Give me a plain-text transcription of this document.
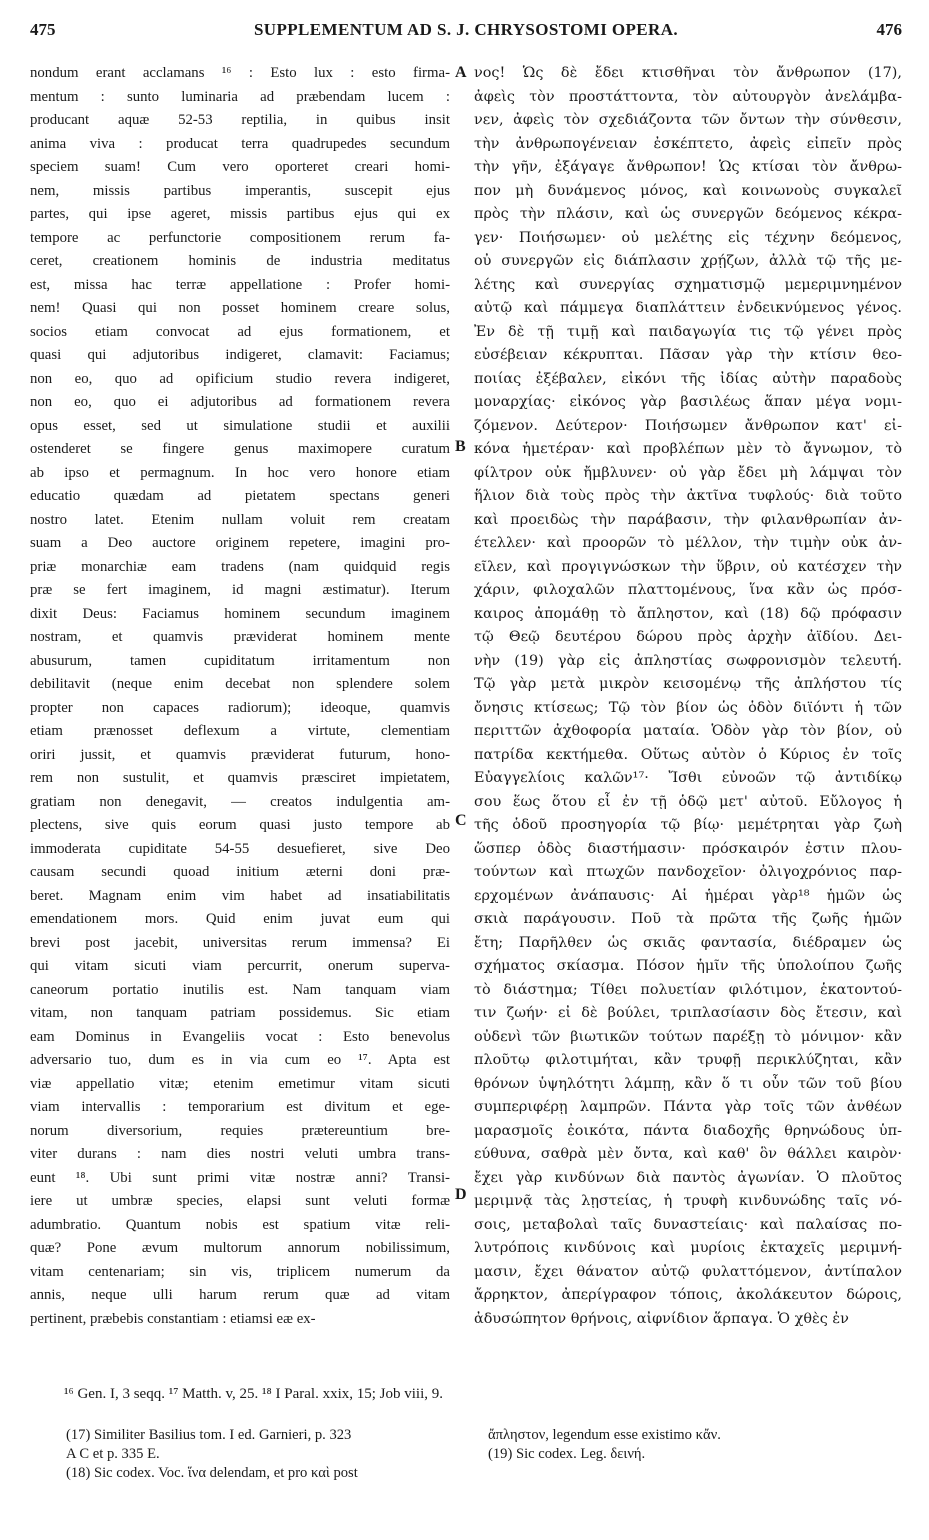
475	SUPPLEMENTUM AD S. J. CHRYSOSTOMI OPERA.	476
nondum erant acclamans ¹⁶ : Esto lux : esto firma-
mentum : sunto luminaria ad præbendam lucem :
producant aquæ 52-53 reptilia, in quibus insit
anima viva : producat terra quadrupedes secundum
speciem suam! Cum vero oporteret creari homi-
nem, missis partibus imperantis, suscepit ejus
partes, qui ipse ageret, missis partibus ejus qui ex
tempore ac perfunctorie compositionem rerum fa-
ceret, creationem hominis de industria meditatus
est, missa hac terræ appellatione : Profer homi-
nem! Quasi qui non posset hominem creare solus,
socios etiam convocat ad ejus formationem, et
quasi qui adjutoribus indigeret, clamavit: Faciamus;
non eo, quo ad opificium studio revera indigeret,
non eo, quo ei adjutoribus ad formationem revera
opus esset, sed ut simulatione studii et auxilii
ostenderet se fingere genus maximopere curatum
ab ipso et permagnum. In hoc vero honore etiam
educatio quædam ad pietatem spectans generi
nostro latet. Etenim nullam voluit rem creatam
suam a Deo auctore originem repetere, imagini pro-
priæ monarchiæ eam tradens (nam quidquid regis
præ se fert imaginem, id magni æstimatur). Iterum
dixit Deus: Faciamus hominem secundum imaginem
nostram, et quamvis præviderat hominem mente
abusurum, tamen cupiditatum irritamentum non
debilitavit (neque enim decebat non splendere solem
propter non capaces radiorum); ideoque, quamvis
etiam prænosset deflexum a virtute, clementiam
oriri jussit, et quamvis præviderat futurum, hono-
rem non sustulit, et quamvis præsciret impietatem,
gratiam non denegavit, — creatos indulgentia am-
plectens, sive quis eorum quasi justo tempore ab
immoderata cupiditate 54-55 desuefieret, sive Deo
causam secundi quoad initium æterni doni præ-
beret. Magnam enim vim habet ad insatiabilitatis
emendationem mors. Quid enim juvat eum qui
brevi post jacebit, universitas rerum immensa? Ei
qui vitam sicuti viam percurrit, onerum superva-
caneorum portatio inutilis est. Nam tanquam viam
vitam, non tanquam patriam possidemus. Sic etiam
eam Dominus in Evangeliis vocat : Esto benevolus
adversario tuo, dum es in via cum eo ¹⁷. Apta est
viæ appellatio vitæ; etenim emetimur vitam sicuti
viam intervallis : temporarium est divitum et ege-
norum diversorium, requies prætereuntium bre-
viter durans : nam dies nostri veluti umbra trans-
eunt ¹⁸. Ubi sunt primi vitæ nostræ anni? Transi-
iere ut umbræ species, elapsi sunt veluti formæ
adumbratio. Quantum nobis est spatium vitæ reli-
quæ? Pone ævum multorum annorum nobilissimum,
vitam centenariam; sin vis, triplicem numerum da
annis, neque ulli harum rerum quæ ad vitam
pertinent, præbebis constantiam : etiamsi eæ ex-
νος! Ὡς δὲ ἔδει κτισθῆναι τὸν ἄνθρωπον (17),
ἀφεὶς τὸν προστάττοντα, τὸν αὐτουργὸν ἀνελάμβα-
νεν, ἀφεὶς τὸν σχεδιάζοντα τῶν ὄντων τὴν σύνθεσιν,
τὴν ἀνθρωπογένειαν ἐσκέπτετο, ἀφεὶς εἰπεῖν πρὸς
τὴν γῆν, ἐξάγαγε ἄνθρωπον! Ὡς κτίσαι τὸν ἄνθρω-
πον μὴ δυνάμενος μόνος, καὶ κοινωνοὺς συγκαλεῖ
πρὸς τὴν πλάσιν, καὶ ὡς συνεργῶν δεόμενος κέκρα-
γεν· Ποιήσωμεν· οὐ μελέτης εἰς τέχνην δεόμενος,
οὐ συνεργῶν εἰς διάπλασιν χρῄζων, ἀλλὰ τῷ τῆς με-
λέτης καὶ συνεργίας σχηματισμῷ μεμεριμνημένον
αὐτῷ καὶ πάμμεγα διαπλάττειν ἐνδεικνύμενος γένος.
Ἐν δὲ τῇ τιμῇ καὶ παιδαγωγία τις τῷ γένει πρὸς
εὐσέβειαν κέκρυπται. Πᾶσαν γὰρ τὴν κτίσιν θεο-
ποιίας ἐξέβαλεν, εἰκόνι τῆς ἰδίας αὐτὴν παραδοὺς
μοναρχίας· εἰκόνος γὰρ βασιλέως ἅπαν μέγα νομι-
ζόμενον. Δεύτερον· Ποιήσωμεν ἄνθρωπον κατ' εἰ-
κόνα ἡμετέραν· καὶ προβλέπων μὲν τὸ ἄγνωμον, τὸ
φίλτρον οὐκ ἤμβλυνεν· οὐ γὰρ ἔδει μὴ λάμψαι τὸν
ἥλιον διὰ τοὺς πρὸς τὴν ἀκτῖνα τυφλούς· διὰ τοῦτο
καὶ προειδὼς τὴν παράβασιν, τὴν φιλανθρωπίαν ἀν-
έτελλεν· καὶ προορῶν τὸ μέλλον, τὴν τιμὴν οὐκ ἀν-
εῖλεν, καὶ προγιγνώσκων τὴν ὕβριν, οὐ κατέσχεν τὴν
χάριν, φιλοχαλῶν πλαττομένους, ἵνα κἂν ὡς πρόσ-
καιρος ἀπομάθῃ τὸ ἄπληστον, καὶ (18) δῷ πρόφασιν
τῷ Θεῷ δευτέρου δώρου πρὸς ἀρχὴν ἀϊδίου. Δει-
νὴν (19) γὰρ εἰς ἀπληστίας σωφρονισμὸν τελευτή.
Τῷ γὰρ μετὰ μικρὸν κεισομένῳ τῆς ἀπλήστου τίς
ὄνησις κτίσεως; Τῷ τὸν βίον ὡς ὁδὸν διϊόντι ἡ τῶν
περιττῶν ἀχθοφορία ματαία. Ὁδὸν γὰρ τὸν βίον, οὐ
πατρίδα κεκτήμεθα. Οὕτως αὐτὸν ὁ Κύριος ἐν τοῖς
Εὐαγγελίοις καλῶν¹⁷· Ἴσθι εὐνοῶν τῷ ἀντιδίκῳ
σου ἕως ὅτου εἶ ἐν τῇ ὁδῷ μετ' αὐτοῦ. Εὔλογος ἡ
τῆς ὁδοῦ προσηγορία τῷ βίῳ· μεμέτρηται γὰρ ζωὴ
ὥσπερ ὁδὸς διαστήμασιν· πρόσκαιρόν ἐστιν πλου-
τούντων καὶ πτωχῶν πανδοχεῖον· ὀλιγοχρόνιος παρ-
ερχομένων ἀνάπαυσις· Αἱ ἡμέραι γὰρ¹⁸ ἡμῶν ὡς
σκιὰ παράγουσιν. Ποῦ τὰ πρῶτα τῆς ζωῆς ἡμῶν
ἔτη; Παρῆλθεν ὡς σκιᾶς φαντασία, διέδραμεν ὡς
σχήματος σκίασμα. Πόσον ἡμῖν τῆς ὑπολοίπου ζωῆς
τὸ διάστημα; Τίθει πολυετίαν φιλότιμον, ἑκατοντού-
τιν ζωήν· εἰ δὲ βούλει, τριπλασίασιν δὸς ἔτεσιν, καὶ
οὐδενὶ τῶν βιωτικῶν τούτων παρέξῃ τὸ μόνιμον· κἂν
πλοῦτῳ φιλοτιμήται, κἂν τρυφῇ περικλύζηται, κἂν
θρόνων ὑψηλότητι λάμπῃ, κἂν ὅ τι οὖν τῶν τοῦ βίου
συμπεριφέρῃ λαμπρῶν. Πάντα γὰρ τοῖς τῶν ἀνθέων
μαρασμοῖς ἐοικότα, πάντα διαδοχῆς θρηνώδους ὑπ-
εύθυνα, σαθρὰ μὲν ὄντα, καὶ καθ' ὃν θάλλει καιρὸν·
ἔχει γὰρ κινδύνων διὰ παντὸς ἀγωνίαν. Ὁ πλοῦτος
μεριμνᾷ τὰς λῃστείας, ἡ τρυφὴ κινδυνώδης ταῖς νό-
σοις, μεταβολαὶ ταῖς δυναστείαις· καὶ παλαίσας πο-
λυτρόποις κινδύνοις καὶ μυρίοις ἐκταχεῖς μεριμνή-
μασιν, ἔχει θάνατον αὐτῷ φυλαττόμενον, ἀντίπαλον
ἄρρηκτον, ἀπερίγραφον τόποις, ἀκολάκευτον δώροις,
ἀδυσώπητον θρήνοις, αἰφνίδιον ἅρπαγα. Ὁ χθὲς ἐν
A
B
C
D
¹⁶ Gen. I, 3 seqq. ¹⁷ Matth. v, 25. ¹⁸ I Paral. xxix, 15; Job viii, 9.
(17) Similiter Basilius tom. I ed. Garnieri, p. 323
A C et p. 335 E.
(18) Sic codex. Voc. ἵνα delendam, et pro καὶ post
ἄπληστον, legendum esse existimo κἄν.
(19) Sic codex. Leg. δεινή.
